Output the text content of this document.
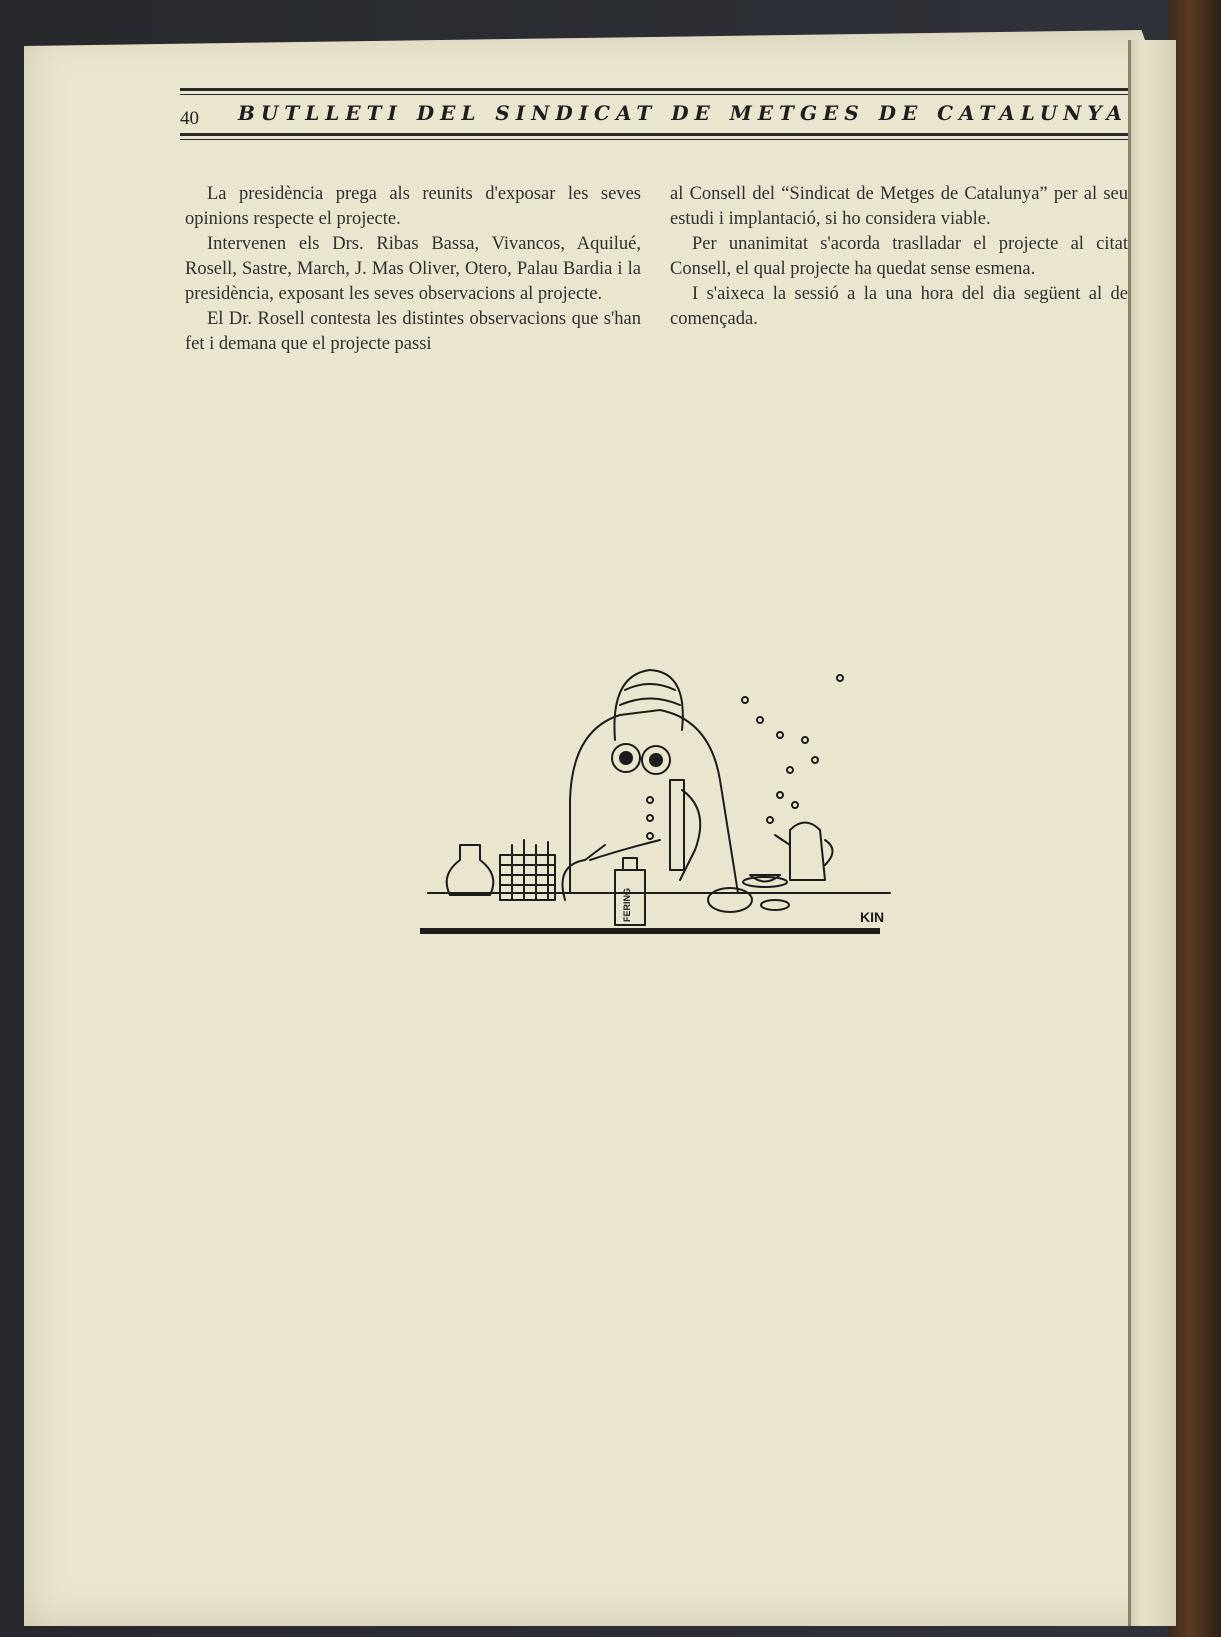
40 BUTLLETI DEL SINDICAT DE METGES DE CATALUNYA

La presidència prega als reunits d'exposar les seves opinions respecte el projecte.

Intervenen els Drs. Ribas Bassa, Vivancos, Aquilué, Rosell, Sastre, March, J. Mas Oliver, Otero, Palau Bardia i la presidència, exposant les seves observacions al projecte.

El Dr. Rosell contesta les distintes observacions que s'han fet i demana que el projecte passi

al Consell del “Sindicat de Metges de Catalunya” per al seu estudi i implantació, si ho considera viable.

Per unanimitat s'acorda traslladar el projecte al citat Consell, el qual projecte ha quedat sense esmena.

I s'aixeca la sessió a la una hora del dia següent al de començada.

FERING	KIN
